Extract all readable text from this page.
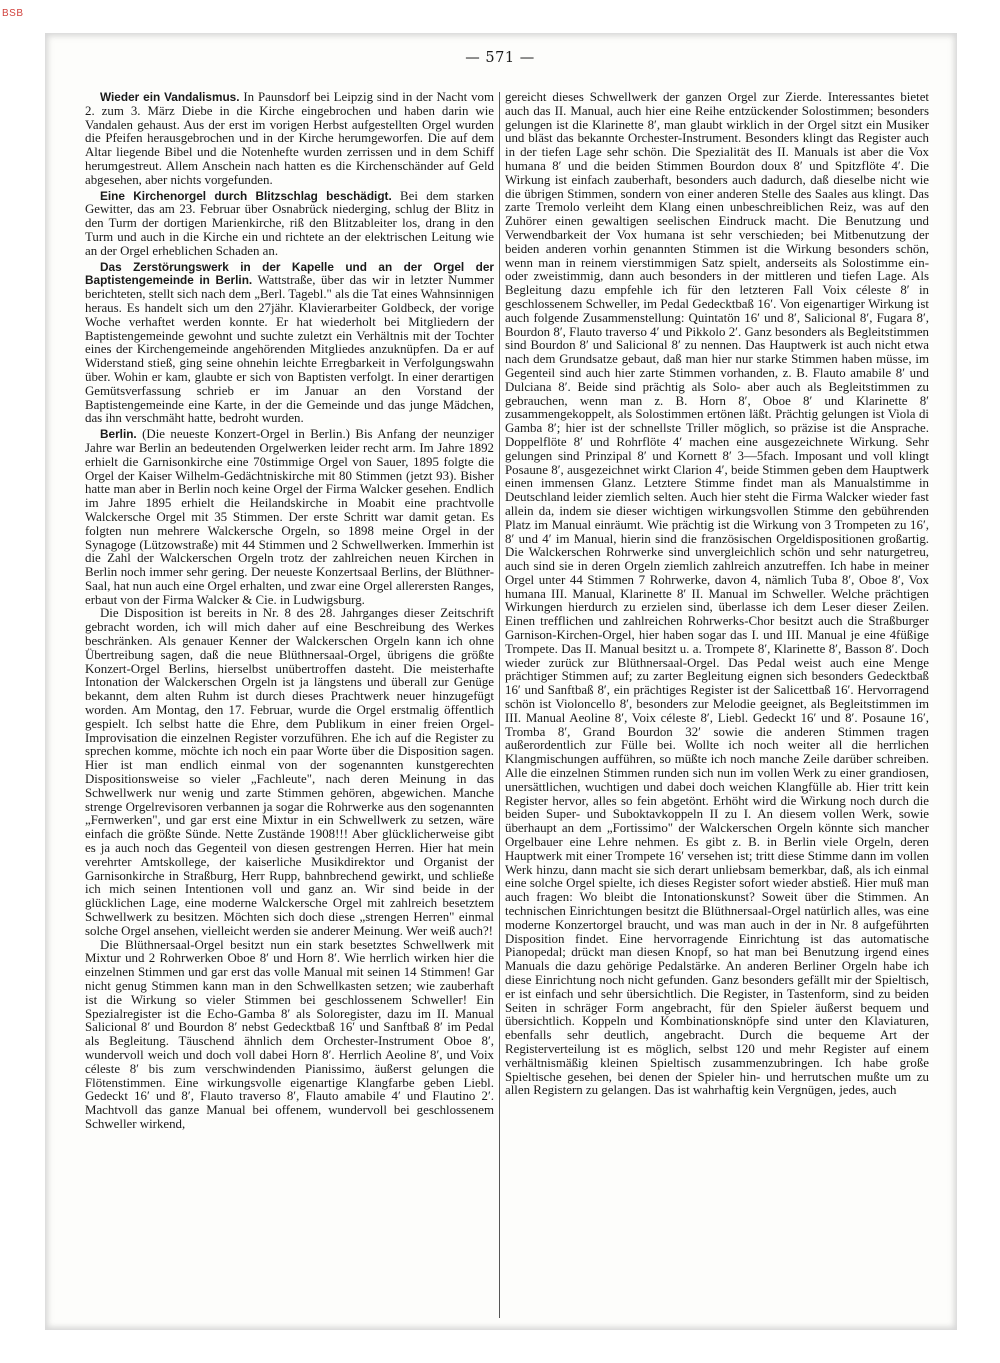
BSB
— 571 —

Wieder ein Vandalismus. In Paunsdorf bei Leipzig sind in der Nacht vom 2. zum 3. März Diebe in die Kirche eingebrochen und haben darin wie Vandalen gehaust. Aus der erst im vorigen Herbst aufgestellten Orgel wurden die Pfeifen herausgebrochen und in der Kirche herumgeworfen. Die auf dem Altar liegende Bibel und die Notenhefte wurden zerrissen und in dem Schiff herumgestreut. Allem Anschein nach hatten es die Kirchenschänder auf Geld abgesehen, aber nichts vorgefunden.

Eine Kirchenorgel durch Blitzschlag beschädigt. Bei dem starken Gewitter, das am 23. Februar über Osnabrück niederging, schlug der Blitz in den Turm der dortigen Marienkirche, riß den Blitzableiter los, drang in den Turm und auch in die Kirche ein und richtete an der elektrischen Leitung wie an der Orgel erheblichen Schaden an.

Das Zerstörungswerk in der Kapelle und an der Orgel der Baptistengemeinde in Berlin. Wattstraße, über das wir in letzter Nummer berichteten, stellt sich nach dem „Berl. Tagebl." als die Tat eines Wahnsinnigen heraus. Es handelt sich um den 27jähr. Klavierarbeiter Goldbeck, der vorige Woche verhaftet werden konnte. Er hat wiederholt bei Mitgliedern der Baptistengemeinde gewohnt und suchte zuletzt ein Verhältnis mit der Tochter eines der Kirchengemeinde angehörenden Mitgliedes anzuknüpfen. Da er auf Widerstand stieß, ging seine ohnehin leichte Erregbarkeit in Verfolgungswahn über. Wohin er kam, glaubte er sich von Baptisten verfolgt. In einer derartigen Gemütsverfassung schrieb er im Januar an den Vorstand der Baptistengemeinde eine Karte, in der die Gemeinde und das junge Mädchen, das ihn verschmäht hatte, bedroht wurden.

Berlin. (Die neueste Konzert-Orgel in Berlin.) Bis Anfang der neunziger Jahre war Berlin an bedeutenden Orgelwerken leider recht arm. Im Jahre 1892 erhielt die Garnisonkirche eine 70stimmige Orgel von Sauer, 1895 folgte die Orgel der Kaiser Wilhelm-Gedächtniskirche mit 80 Stimmen (jetzt 93). Bisher hatte man aber in Berlin noch keine Orgel der Firma Walcker gesehen. Endlich im Jahre 1895 erhielt die Heilandskirche in Moabit eine prachtvolle Walckersche Orgel mit 35 Stimmen. Der erste Schritt war damit getan. Es folgten nun mehrere Walckersche Orgeln, so 1898 meine Orgel in der Synagoge (Lützowstraße) mit 44 Stimmen und 2 Schwellwerken. Immerhin ist die Zahl der Walckerschen Orgeln trotz der zahlreichen neuen Kirchen in Berlin noch immer sehr gering. Der neueste Konzertsaal Berlins, der Blüthner-Saal, hat nun auch eine Orgel erhalten, und zwar eine Orgel allerersten Ranges, erbaut von der Firma Walcker & Cie. in Ludwigsburg.

Die Disposition ist bereits in Nr. 8 des 28. Jahrganges dieser Zeitschrift gebracht worden, ich will mich daher auf eine Beschreibung des Werkes beschränken. Als genauer Kenner der Walckerschen Orgeln kann ich ohne Übertreibung sagen, daß die neue Blüthnersaal-Orgel, übrigens die größte Konzert-Orgel Berlins, hierselbst unübertroffen dasteht. Die meisterhafte Intonation der Walckerschen Orgeln ist ja längstens und überall zur Genüge bekannt, dem alten Ruhm ist durch dieses Prachtwerk neuer hinzugefügt worden. Am Montag, den 17. Februar, wurde die Orgel erstmalig öffentlich gespielt. Ich selbst hatte die Ehre, dem Publikum in einer freien Orgel-Improvisation die einzelnen Register vorzuführen. Ehe ich auf die Register zu sprechen komme, möchte ich noch ein paar Worte über die Disposition sagen. Hier ist man endlich einmal von der sogenannten kunstgerechten Dispositionsweise so vieler „Fachleute", nach deren Meinung in das Schwellwerk nur wenig und zarte Stimmen gehören, abgewichen. Manche strenge Orgelrevisoren verbannen ja sogar die Rohrwerke aus den sogenannten „Fernwerken", und gar erst eine Mixtur in ein Schwellwerk zu setzen, wäre einfach die größte Sünde. Nette Zustände 1908!!! Aber glücklicherweise gibt es ja auch noch das Gegenteil von diesen gestrengen Herren. Hier hat mein verehrter Amtskollege, der kaiserliche Musikdirektor und Organist der Garnisonkirche in Straßburg, Herr Rupp, bahnbrechend gewirkt, und schließe ich mich seinen Intentionen voll und ganz an. Wir sind beide in der glücklichen Lage, eine moderne Walckersche Orgel mit zahlreich besetztem Schwellwerk zu besitzen. Möchten sich doch diese „strengen Herren" einmal solche Orgel ansehen, vielleicht werden sie anderer Meinung. Wer weiß auch?!

Die Blüthnersaal-Orgel besitzt nun ein stark besetztes Schwellwerk mit Mixtur und 2 Rohrwerken Oboe 8′ und Horn 8′. Wie herrlich wirken hier die einzelnen Stimmen und gar erst das volle Manual mit seinen 14 Stimmen! Gar nicht genug Stimmen kann man in den Schwellkasten setzen; wie zauberhaft ist die Wirkung so vieler Stimmen bei geschlossenem Schweller! Ein Spezialregister ist die Echo-Gamba 8′ als Soloregister, dazu im II. Manual Salicional 8′ und Bourdon 8′ nebst Gedecktbaß 16′ und Sanftbaß 8′ im Pedal als Begleitung. Täuschend ähnlich dem Orchester-Instrument Oboe 8′, wundervoll weich und doch voll dabei Horn 8′. Herrlich Aeoline 8′, und Voix céleste 8′ bis zum verschwindenden Pianissimo, äußerst gelungen die Flötenstimmen. Eine wirkungsvolle eigenartige Klangfarbe geben Liebl. Gedeckt 16′ und 8′, Flauto traverso 8′, Flauto amabile 4′ und Flautino 2′. Machtvoll das ganze Manual bei offenem, wundervoll bei geschlossenem Schweller wirkend,

gereicht dieses Schwellwerk der ganzen Orgel zur Zierde. Interessantes bietet auch das II. Manual, auch hier eine Reihe entzückender Solostimmen; besonders gelungen ist die Klarinette 8′, man glaubt wirklich in der Orgel sitzt ein Musiker und bläst das bekannte Orchester-Instrument. Besonders klingt das Register auch in der tiefen Lage sehr schön. Die Spezialität des II. Manuals ist aber die Vox humana 8′ und die beiden Stimmen Bourdon doux 8′ und Spitzflöte 4′. Die Wirkung ist einfach zauberhaft, besonders auch dadurch, daß dieselbe nicht wie die übrigen Stimmen, sondern von einer anderen Stelle des Saales aus klingt. Das zarte Tremolo verleiht dem Klang einen unbeschreiblichen Reiz, was auf den Zuhörer einen gewaltigen seelischen Eindruck macht. Die Benutzung und Verwendbarkeit der Vox humana ist sehr verschieden; bei Mitbenutzung der beiden anderen vorhin genannten Stimmen ist die Wirkung besonders schön, wenn man in reinem vierstimmigen Satz spielt, anderseits als Solostimme ein- oder zweistimmig, dann auch besonders in der mittleren und tiefen Lage. Als Begleitung dazu empfehle ich für den letzteren Fall Voix céleste 8′ in geschlossenem Schweller, im Pedal Gedecktbaß 16′. Von eigenartiger Wirkung ist auch folgende Zusammenstellung: Quintatön 16′ und 8′, Salicional 8′, Fugara 8′, Bourdon 8′, Flauto traverso 4′ und Pikkolo 2′. Ganz besonders als Begleitstimmen sind Bourdon 8′ und Salicional 8′ zu nennen. Das Hauptwerk ist auch nicht etwa nach dem Grundsatze gebaut, daß man hier nur starke Stimmen haben müsse, im Gegenteil sind auch hier zarte Stimmen vorhanden, z. B. Flauto amabile 8′ und Dulciana 8′. Beide sind prächtig als Solo- aber auch als Begleitstimmen zu gebrauchen, wenn man z. B. Horn 8′, Oboe 8′ und Klarinette 8′ zusammengekoppelt, als Solostimmen ertönen läßt. Prächtig gelungen ist Viola di Gamba 8′; hier ist der schnellste Triller möglich, so präzise ist die Ansprache. Doppelflöte 8′ und Rohrflöte 4′ machen eine ausgezeichnete Wirkung. Sehr gelungen sind Prinzipal 8′ und Kornett 8′ 3—5fach. Imposant und voll klingt Posaune 8′, ausgezeichnet wirkt Clarion 4′, beide Stimmen geben dem Hauptwerk einen immensen Glanz. Letztere Stimme findet man als Manualstimme in Deutschland leider ziemlich selten. Auch hier steht die Firma Walcker wieder fast allein da, indem sie dieser wichtigen wirkungsvollen Stimme den gebührenden Platz im Manual einräumt. Wie prächtig ist die Wirkung von 3 Trompeten zu 16′, 8′ und 4′ im Manual, hierin sind die französischen Orgeldispositionen großartig. Die Walckerschen Rohrwerke sind unvergleichlich schön und sehr naturgetreu, auch sind sie in deren Orgeln ziemlich zahlreich anzutreffen. Ich habe in meiner Orgel unter 44 Stimmen 7 Rohrwerke, davon 4, nämlich Tuba 8′, Oboe 8′, Vox humana III. Manual, Klarinette 8′ II. Manual im Schweller. Welche prächtigen Wirkungen hierdurch zu erzielen sind, überlasse ich dem Leser dieser Zeilen. Einen trefflichen und zahlreichen Rohrwerks-Chor besitzt auch die Straßburger Garnison-Kirchen-Orgel, hier haben sogar das I. und III. Manual je eine 4füßige Trompete. Das II. Manual besitzt u. a. Trompete 8′, Klarinette 8′, Basson 8′. Doch wieder zurück zur Blüthnersaal-Orgel. Das Pedal weist auch eine Menge prächtiger Stimmen auf; zu zarter Begleitung eignen sich besonders Gedecktbaß 16′ und Sanftbaß 8′, ein prächtiges Register ist der Salicettbaß 16′. Hervorragend schön ist Violoncello 8′, besonders zur Melodie geeignet, als Begleitstimmen im III. Manual Aeoline 8′, Voix céleste 8′, Liebl. Gedeckt 16′ und 8′. Posaune 16′, Tromba 8′, Grand Bourdon 32′ sowie die anderen Stimmen tragen außerordentlich zur Fülle bei. Wollte ich noch weiter all die herrlichen Klangmischungen aufführen, so müßte ich noch manche Zeile darüber schreiben. Alle die einzelnen Stimmen runden sich nun im vollen Werk zu einer grandiosen, unersättlichen, wuchtigen und dabei doch weichen Klangfülle ab. Hier tritt kein Register hervor, alles so fein abgetönt. Erhöht wird die Wirkung noch durch die beiden Super- und Suboktavkoppeln II zu I. An diesem vollen Werk, sowie überhaupt an dem „Fortissimo" der Walckerschen Orgeln könnte sich mancher Orgelbauer eine Lehre nehmen. Es gibt z. B. in Berlin viele Orgeln, deren Hauptwerk mit einer Trompete 16′ versehen ist; tritt diese Stimme dann im vollen Werk hinzu, dann macht sie sich derart unliebsam bemerkbar, daß, als ich einmal eine solche Orgel spielte, ich dieses Register sofort wieder abstieß. Hier muß man auch fragen: Wo bleibt die Intonationskunst? Soweit über die Stimmen. An technischen Einrichtungen besitzt die Blüthnersaal-Orgel natürlich alles, was eine moderne Konzertorgel braucht, und was man auch in der in Nr. 8 aufgeführten Disposition findet. Eine hervorragende Einrichtung ist das automatische Pianopedal; drückt man diesen Knopf, so hat man bei Benutzung irgend eines Manuals die dazu gehörige Pedalstärke. An anderen Berliner Orgeln habe ich diese Einrichtung noch nicht gefunden. Ganz besonders gefällt mir der Spieltisch, er ist einfach und sehr übersichtlich. Die Register, in Tastenform, sind zu beiden Seiten in schräger Form angebracht, für den Spieler äußerst bequem und übersichtlich. Koppeln und Kombinationsknöpfe sind unter den Klaviaturen, ebenfalls sehr deutlich, angebracht. Durch die bequeme Art der Registerverteilung ist es möglich, selbst 120 und mehr Register auf einem verhältnismäßig kleinen Spieltisch zusammenzubringen. Ich habe große Spieltische gesehen, bei denen der Spieler hin- und herrutschen mußte um zu allen Registern zu gelangen. Das ist wahrhaftig kein Vergnügen, jedes, auch
